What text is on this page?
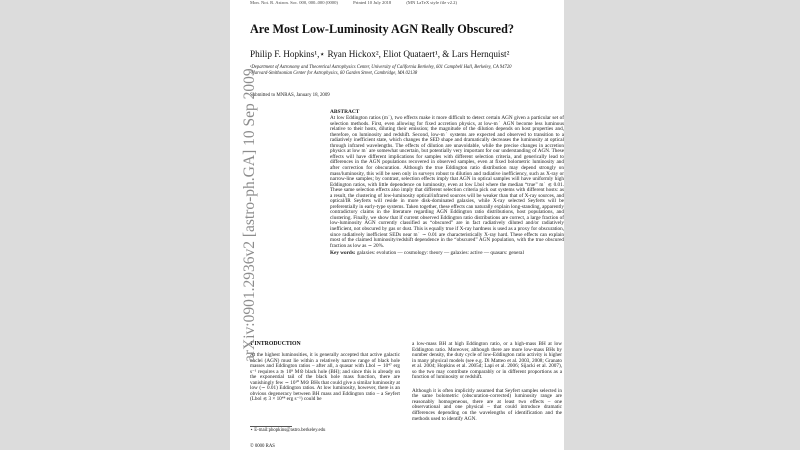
Mon. Not. R. Astron. Soc. 000, 000–000 (0000)	Printed 10 July 2018	(MN LaTeX style file v2.2)
Are Most Low-Luminosity AGN Really Obscured?
Philip F. Hopkins¹,⋆ Ryan Hickox², Eliot Quataert¹, & Lars Hernquist²
¹Department of Astronomy and Theoretical Astrophysics Center, University of California Berkeley, 601 Campbell Hall, Berkeley, CA 94720
²Harvard-Smithsonian Center for Astrophysics, 60 Garden Street, Cambridge, MA 02138
Submitted to MNRAS, January 18, 2009
ABSTRACT

At low Eddington ratios (m˙), two effects make it more difficult to detect certain AGN given a particular set of selection methods. First, even allowing for fixed accretion physics, at low-m˙ AGN become less luminous relative to their hosts, diluting their emission; the magnitude of the dilution depends on host properties and, therefore, on luminosity and redshift. Second, low-m˙ systems are expected and observed to transition to a radiatively inefficient state, which changes the SED shape and dramatically decreases the luminosity at optical through infrared wavelengths. The effects of dilution are unavoidable, while the precise changes in accretion physics at low m˙ are somewhat uncertain, but potentially very important for our understanding of AGN. These effects will have different implications for samples with different selection criteria, and generically lead to differences in the AGN populations recovered in observed samples, even at fixed bolometric luminosity and after correction for obscuration. Although the true Eddington ratio distribution may depend strongly on mass/luminosity, this will be seen only in surveys robust to dilution and radiative inefficiency, such as X-ray or narrow-line samples; by contrast, selection effects imply that AGN in optical samples will have uniformly high Eddington ratios, with little dependence on luminosity, even at low Lbol where the median “true” m˙ ≲ 0.01. These same selection effects also imply that different selection criteria pick out systems with different hosts: as a result, the clustering of low-luminosity optical/infrared sources will be weaker than that of X-ray sources, and optical/IR Seyferts will reside in more disk-dominated galaxies, while X-ray selected Seyferts will be preferentially in early-type systems. Taken together, these effects can naturally explain long-standing, apparently contradictory claims in the literature regarding AGN Eddington ratio distributions, host populations, and clustering. Finally, we show that if current observed Eddington ratio distributions are correct, a large fraction of low-luminosity AGN currently classified as “obscured” are in fact radiatively diluted and/or radiatively inefficient, not obscured by gas or dust. This is equally true if X-ray hardness is used as a proxy for obscuration, since radiatively inefficient SEDs near m˙ ∼ 0.01 are characteristically X-ray hard. These effects can explain most of the claimed luminosity/redshift dependence in the “obscured” AGN population, with the true obscured fraction as low as ∼ 20%.

Key words: galaxies: evolution — cosmology: theory — galaxies: active — quasars: general

1 INTRODUCTION

At the highest luminosities, it is generally accepted that active galactic nuclei (AGN) must lie within a relatively narrow range of black hole masses and Eddington ratios – after all, a quasar with Lbol ∼ 10⁴⁷ erg s⁻¹ requires a ≳ 10⁹ M⊙ black hole (BH); and since this is already on the exponential tail of the black hole mass function, there are vanishingly few ∼ 10¹⁰ M⊙ BHs that could give a similar luminosity at low (∼ 0.01) Eddington ratios. At low luminosity, however, there is an obvious degeneracy between BH mass and Eddington ratio – a Seyfert (Lbol ≲ 3 × 10⁴⁴ erg s⁻¹) could be

a low-mass BH at high Eddington ratio, or a high-mass BH at low Eddington ratio. Moreover, although there are more low-mass BHs by number density, the duty cycle of low-Eddington ratio activity is higher in many physical models (see e.g. Di Matteo et al. 2003, 2008; Granato et al. 2004; Hopkins et al. 2005d; Lapi et al. 2006; Sijacki et al. 2007), so the two may contribute comparably or in different proportions as a function of luminosity or redshift.

Although it is often implicitly assumed that Seyfert samples selected in the same bolometric (obscuration-corrected) luminosity range are reasonably homogeneous, there are at least two effects – one observational and one physical – that could introduce dramatic differences depending on the wavelengths of identification and the methods used to identify AGN.

⋆ E-mail:phopkins@astro.berkeley.edu
© 0000 RAS
arXiv:0901.2936v2 [astro-ph.GA] 10 Sep 2009
